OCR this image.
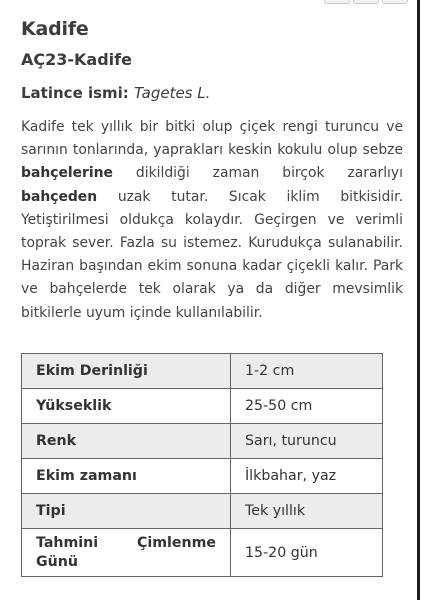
Kadife
AÇ23-Kadife
Latince ismi: Tagetes L.
Kadife tek yıllık bir bitki olup çiçek rengi turuncu ve sarının tonlarında, yaprakları keskin kokulu olup sebze bahçelerine dikildiği zaman birçok zararlıyı bahçeden uzak tutar. Sıcak iklim bitkisidir. Yetiştirilmesi oldukça kolaydır. Geçirgen ve verimli toprak sever. Fazla su istemez. Kurudukça sulanabilir. Haziran başından ekim sonuna kadar çiçekli kalır. Park ve bahçelerde tek olarak ya da diğer mevsimlik bitkilerle uyum içinde kullanılabilir.
Ekim Derinliği	1-2 cm
Yükseklik	25-50 cm
Renk	Sarı, turuncu
Ekim zamanı	İlkbahar, yaz
Tipi	Tek yıllık

Tahmini Çimlenme
Günü	15-20 gün
